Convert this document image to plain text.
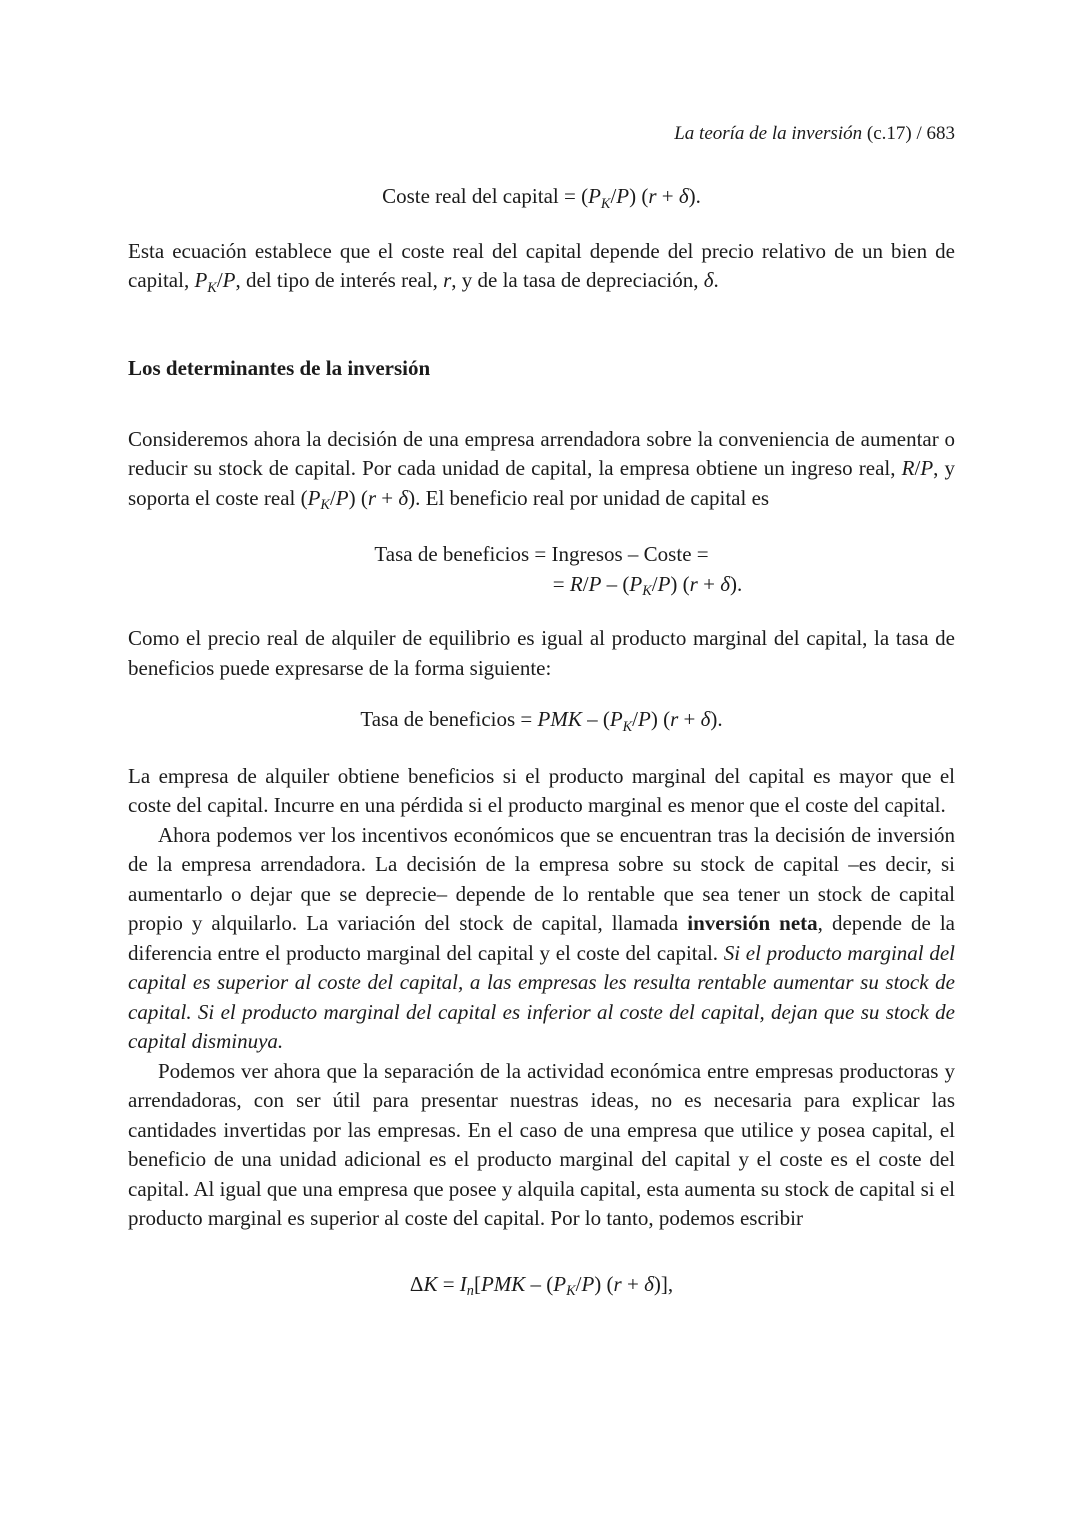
La teoría de la inversión (c.17) / 683
Coste real del capital = $(P_K/P) (r + \delta)$.

Esta ecuación establece que el coste real del capital depende del precio relativo de un bien de capital, $P_K/P$, del tipo de interés real, r, y de la tasa de depreciación, δ.

Los determinantes de la inversión

Consideremos ahora la decisión de una empresa arrendadora sobre la conveniencia de aumentar o reducir su stock de capital. Por cada unidad de capital, la empresa obtiene un ingreso real, R/P, y soporta el coste real $(P_K/P) (r + \delta)$. El beneficio real por unidad de capital es

Tasa de beneficios = Ingresos – Coste =
= $R/P - (P_K/P) (r + \delta)$.

Como el precio real de alquiler de equilibrio es igual al producto marginal del capital, la tasa de beneficios puede expresarse de la forma siguiente:

Tasa de beneficios = PMK – $(P_K/P) (r + \delta)$.

La empresa de alquiler obtiene beneficios si el producto marginal del capital es mayor que el coste del capital. Incurre en una pérdida si el producto marginal es menor que el coste del capital.

Ahora podemos ver los incentivos económicos que se encuentran tras la decisión de inversión de la empresa arrendadora. La decisión de la empresa sobre su stock de capital –es decir, si aumentarlo o dejar que se deprecie– depende de lo rentable que sea tener un stock de capital propio y alquilarlo. La variación del stock de capital, llamada inversión neta, depende de la diferencia entre el producto marginal del capital y el coste del capital. Si el producto marginal del capital es superior al coste del capital, a las empresas les resulta rentable aumentar su stock de capital. Si el producto marginal del capital es inferior al coste del capital, dejan que su stock de capital disminuya.

Podemos ver ahora que la separación de la actividad económica entre empresas productoras y arrendadoras, con ser útil para presentar nuestras ideas, no es necesaria para explicar las cantidades invertidas por las empresas. En el caso de una empresa que utilice y posea capital, el beneficio de una unidad adicional es el producto marginal del capital y el coste es el coste del capital. Al igual que una empresa que posee y alquila capital, esta aumenta su stock de capital si el producto marginal es superior al coste del capital. Por lo tanto, podemos escribir

$\Delta K = I_n[PMK - (P_K/P) (r + \delta)]$,
